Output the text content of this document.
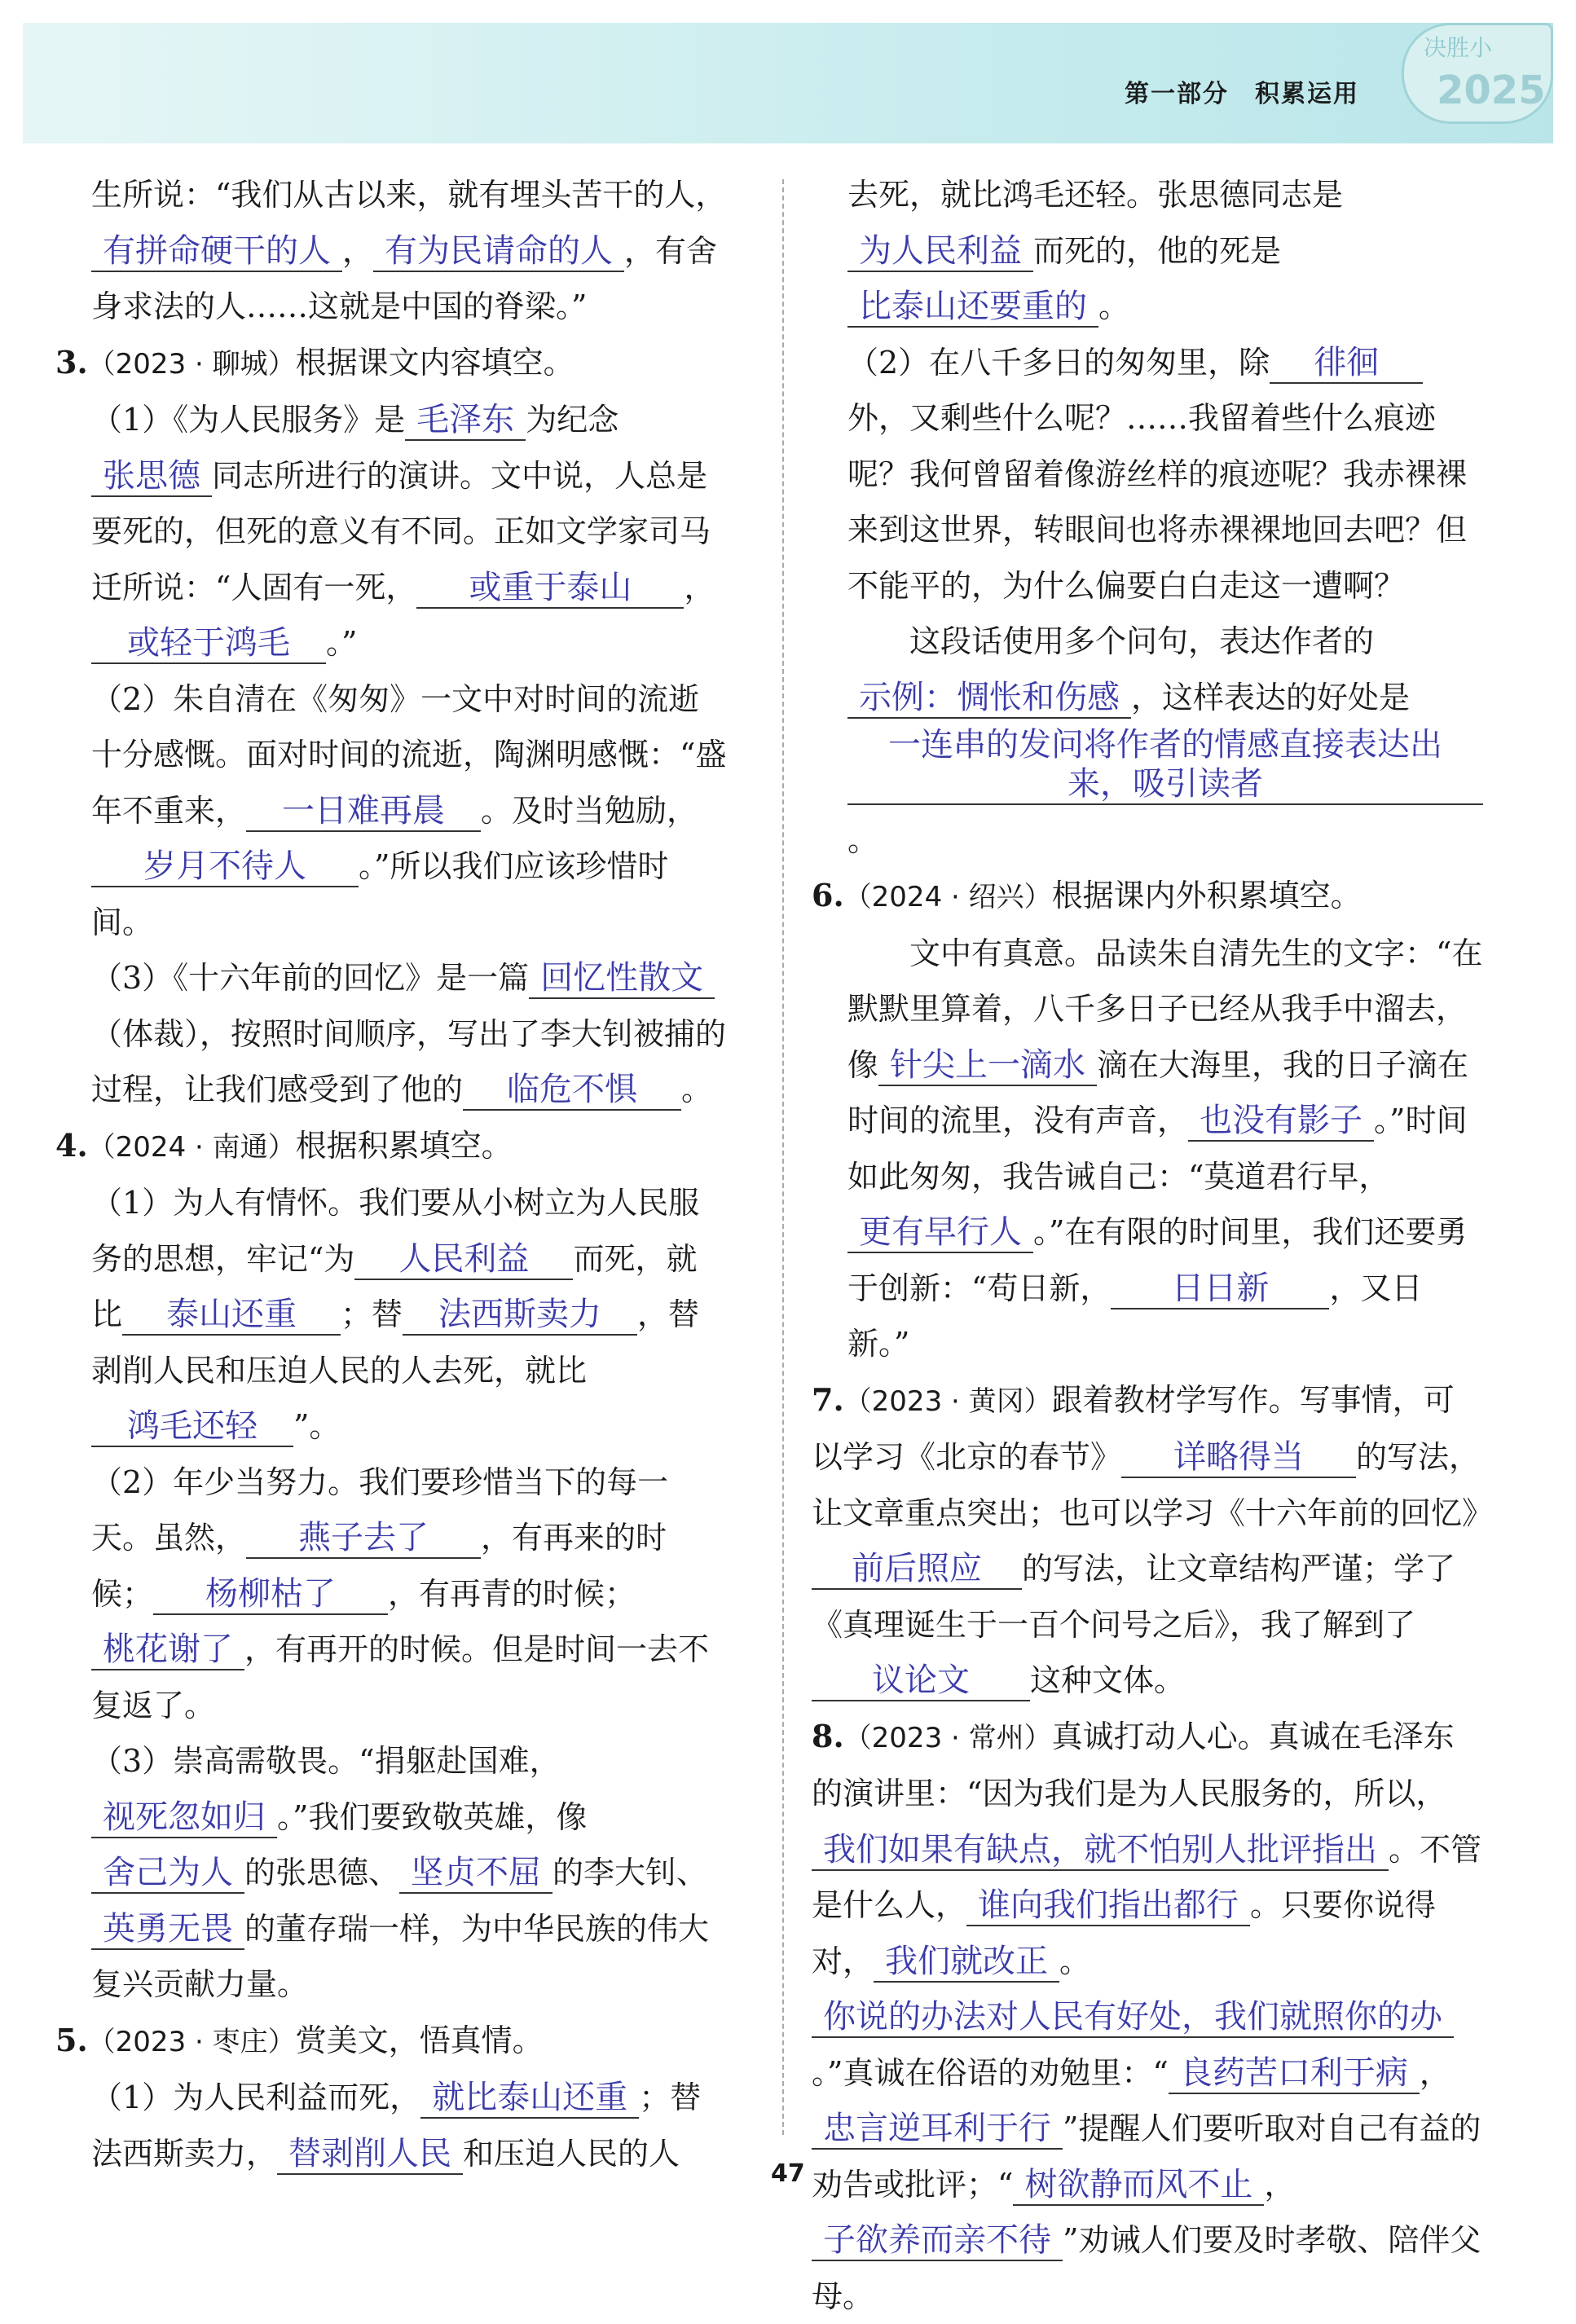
第一部分　积累运用
决胜小
2025

生所说：“我们从古以来，就有埋头苦干的人，有拼命硬干的人 ， 有为民请命的人 ，有舍身求法的人……这就是中国的脊梁。”

3.（2023 · 聊城）根据课文内容填空。

（1）《为人民服务》是 毛泽东 为纪念张思德 同志所进行的演讲。文中说，人总是要死的，但死的意义有不同。正如文学家司马迁所说：“人固有一死， 或重于泰山 ，或轻于鸿毛 。”

（2）朱自清在《匆匆》一文中对时间的流逝十分感慨。面对时间的流逝，陶渊明感慨：“盛年不重来， 一日难再晨 。及时当勉励，岁月不待人 。”所以我们应该珍惜时间。

（3）《十六年前的回忆》是一篇 回忆性散文（体裁），按照时间顺序，写出了李大钊被捕的过程，让我们感受到了他的 临危不惧 。

4.（2024 · 南通）根据积累填空。

（1）为人有情怀。我们要从小树立为人民服务的思想，牢记“为 人民利益 而死，就比 泰山还重 ；替 法西斯卖力 ，替剥削人民和压迫人民的人去死，就比鸿毛还轻 ”。

（2）年少当努力。我们要珍惜当下的每一天。虽然， 燕子去了 ，有再来的时候； 杨柳枯了 ，有再青的时候；桃花谢了 ，有再开的时候。但是时间一去不复返了。

（3）崇高需敬畏。“捐躯赴国难，视死忽如归 。”我们要致敬英雄，像舍己为人 的张思德、 坚贞不屈 的李大钊、英勇无畏 的董存瑞一样，为中华民族的伟大复兴贡献力量。

5.（2023 · 枣庄）赏美文，悟真情。

（1）为人民利益而死， 就比泰山还重 ；替法西斯卖力， 替剥削人民 和压迫人民的人

去死，就比鸿毛还轻。张思德同志是为人民利益 而死的，他的死是比泰山还要重的 。

（2）在八千多日的匆匆里，除 徘徊外，又剩些什么呢？……我留着些什么痕迹呢？我何曾留着像游丝样的痕迹呢？我赤裸裸来到这世界，转眼间也将赤裸裸地回去吧？但不能平的，为什么偏要白白走这一遭啊？

这段话使用多个问句，表达作者的示例：惆怅和伤感 ，这样表达的好处是一连串的发问将作者的情感直接表达出来，吸引读者。

6.（2024 · 绍兴）根据课内外积累填空。

文中有真意。品读朱自清先生的文字：“在默默里算着，八千多日子已经从我手中溜去，像 针尖上一滴水 滴在大海里，我的日子滴在时间的流里，没有声音， 也没有影子 。”时间如此匆匆，我告诫自己：“莫道君行早，更有早行人 。”在有限的时间里，我们还要勇于创新：“苟日新， 日日新 ，又日新。”

7.（2023 · 黄冈）跟着教材学写作。写事情，可以学习《北京的春节》 详略得当 的写法，让文章重点突出；也可以学习《十六年前的回忆》前后照应 的写法，让文章结构严谨；学了《真理诞生于一百个问号之后》，我了解到了议论文 这种文体。

8.（2023 · 常州）真诚打动人心。真诚在毛泽东的演讲里：“因为我们是为人民服务的，所以，我们如果有缺点，就不怕别人批评指出 。不管是什么人， 谁向我们指出都行 。只要你说得对， 我们就改正 。你说的办法对人民有好处，我们就照你的办。”真诚在俗语的劝勉里：“ 良药苦口利于病 ，忠言逆耳利于行 ”提醒人们要听取对自己有益的劝告或批评；“ 树欲静而风不止 ，子欲养而亲不待 ”劝诫人们要及时孝敬、陪伴父母。

47
